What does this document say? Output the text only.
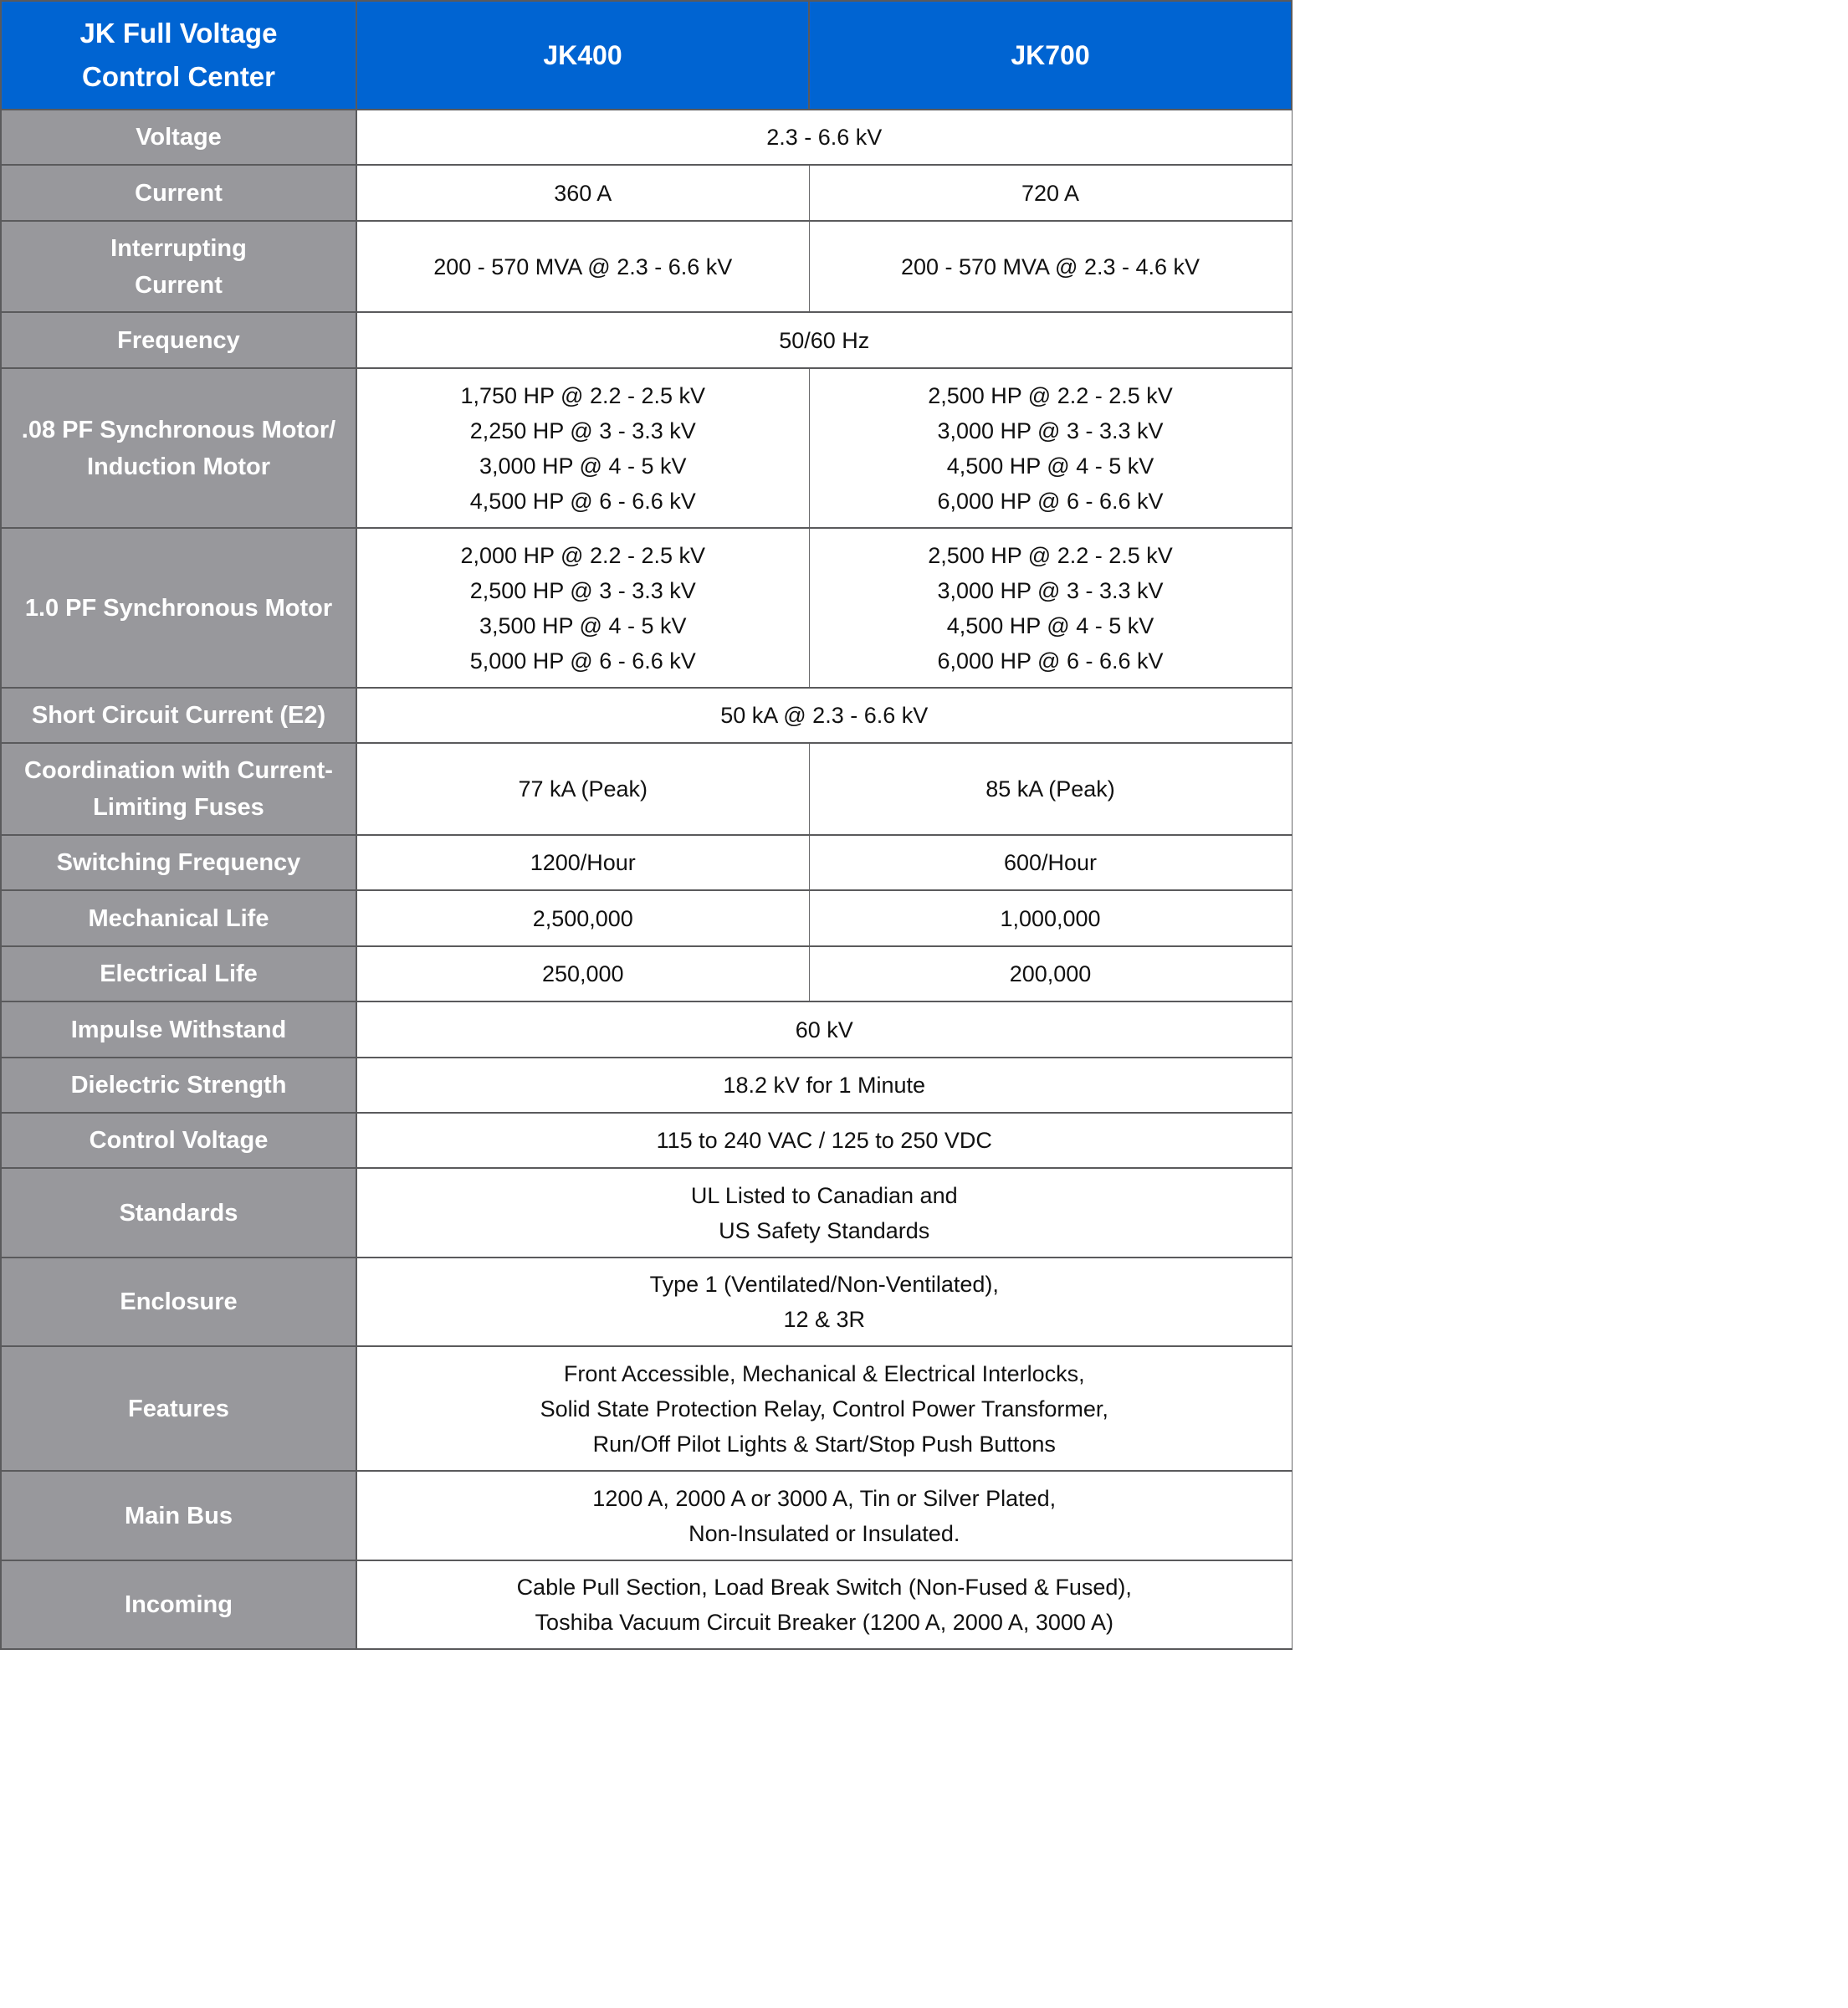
JK Full Voltage
Control Center	JK400	JK700

Voltage	2.3 - 6.6 kV	

Current	360 A	720 A

Interrupting
Current	200 - 570 MVA @ 2.3 - 6.6 kV	200 - 570 MVA @ 2.3 - 4.6 kV

Frequency	50/60 Hz	

.08 PF Synchronous Motor/
Induction Motor	1,750 HP @ 2.2 - 2.5 kV
2,250 HP @ 3 - 3.3 kV
3,000 HP @ 4 - 5 kV
4,500 HP @ 6 - 6.6 kV	2,500 HP @ 2.2 - 2.5 kV
3,000 HP @ 3 - 3.3 kV
4,500 HP @ 4 - 5 kV
6,000 HP @ 6 - 6.6 kV

1.0 PF Synchronous Motor	2,000 HP @ 2.2 - 2.5 kV
2,500 HP @ 3 - 3.3 kV
3,500 HP @ 4 - 5 kV
5,000 HP @ 6 - 6.6 kV	2,500 HP @ 2.2 - 2.5 kV
3,000 HP @ 3 - 3.3 kV
4,500 HP @ 4 - 5 kV
6,000 HP @ 6 - 6.6 kV

Short Circuit Current (E2)	50 kA @ 2.3 - 6.6 kV	

Coordination with Current-
Limiting Fuses	77 kA (Peak)	85 kA (Peak)

Switching Frequency	1200/Hour	600/Hour

Mechanical Life	2,500,000	1,000,000

Electrical Life	250,000	200,000

Impulse Withstand	60 kV	

Dielectric Strength	18.2 kV for 1 Minute	

Control Voltage	115 to 240 VAC / 125 to 250 VDC	

Standards	UL Listed to Canadian and
US Safety Standards	

Enclosure	Type 1 (Ventilated/Non-Ventilated),
12 & 3R	

Features	Front Accessible, Mechanical & Electrical Interlocks,
Solid State Protection Relay, Control Power Transformer,
Run/Off Pilot Lights & Start/Stop Push Buttons	

Main Bus	1200 A, 2000 A or 3000 A, Tin or Silver Plated,
Non-Insulated or Insulated.	

Incoming	Cable Pull Section, Load Break Switch (Non-Fused & Fused),
Toshiba Vacuum Circuit Breaker (1200 A, 2000 A, 3000 A)	
